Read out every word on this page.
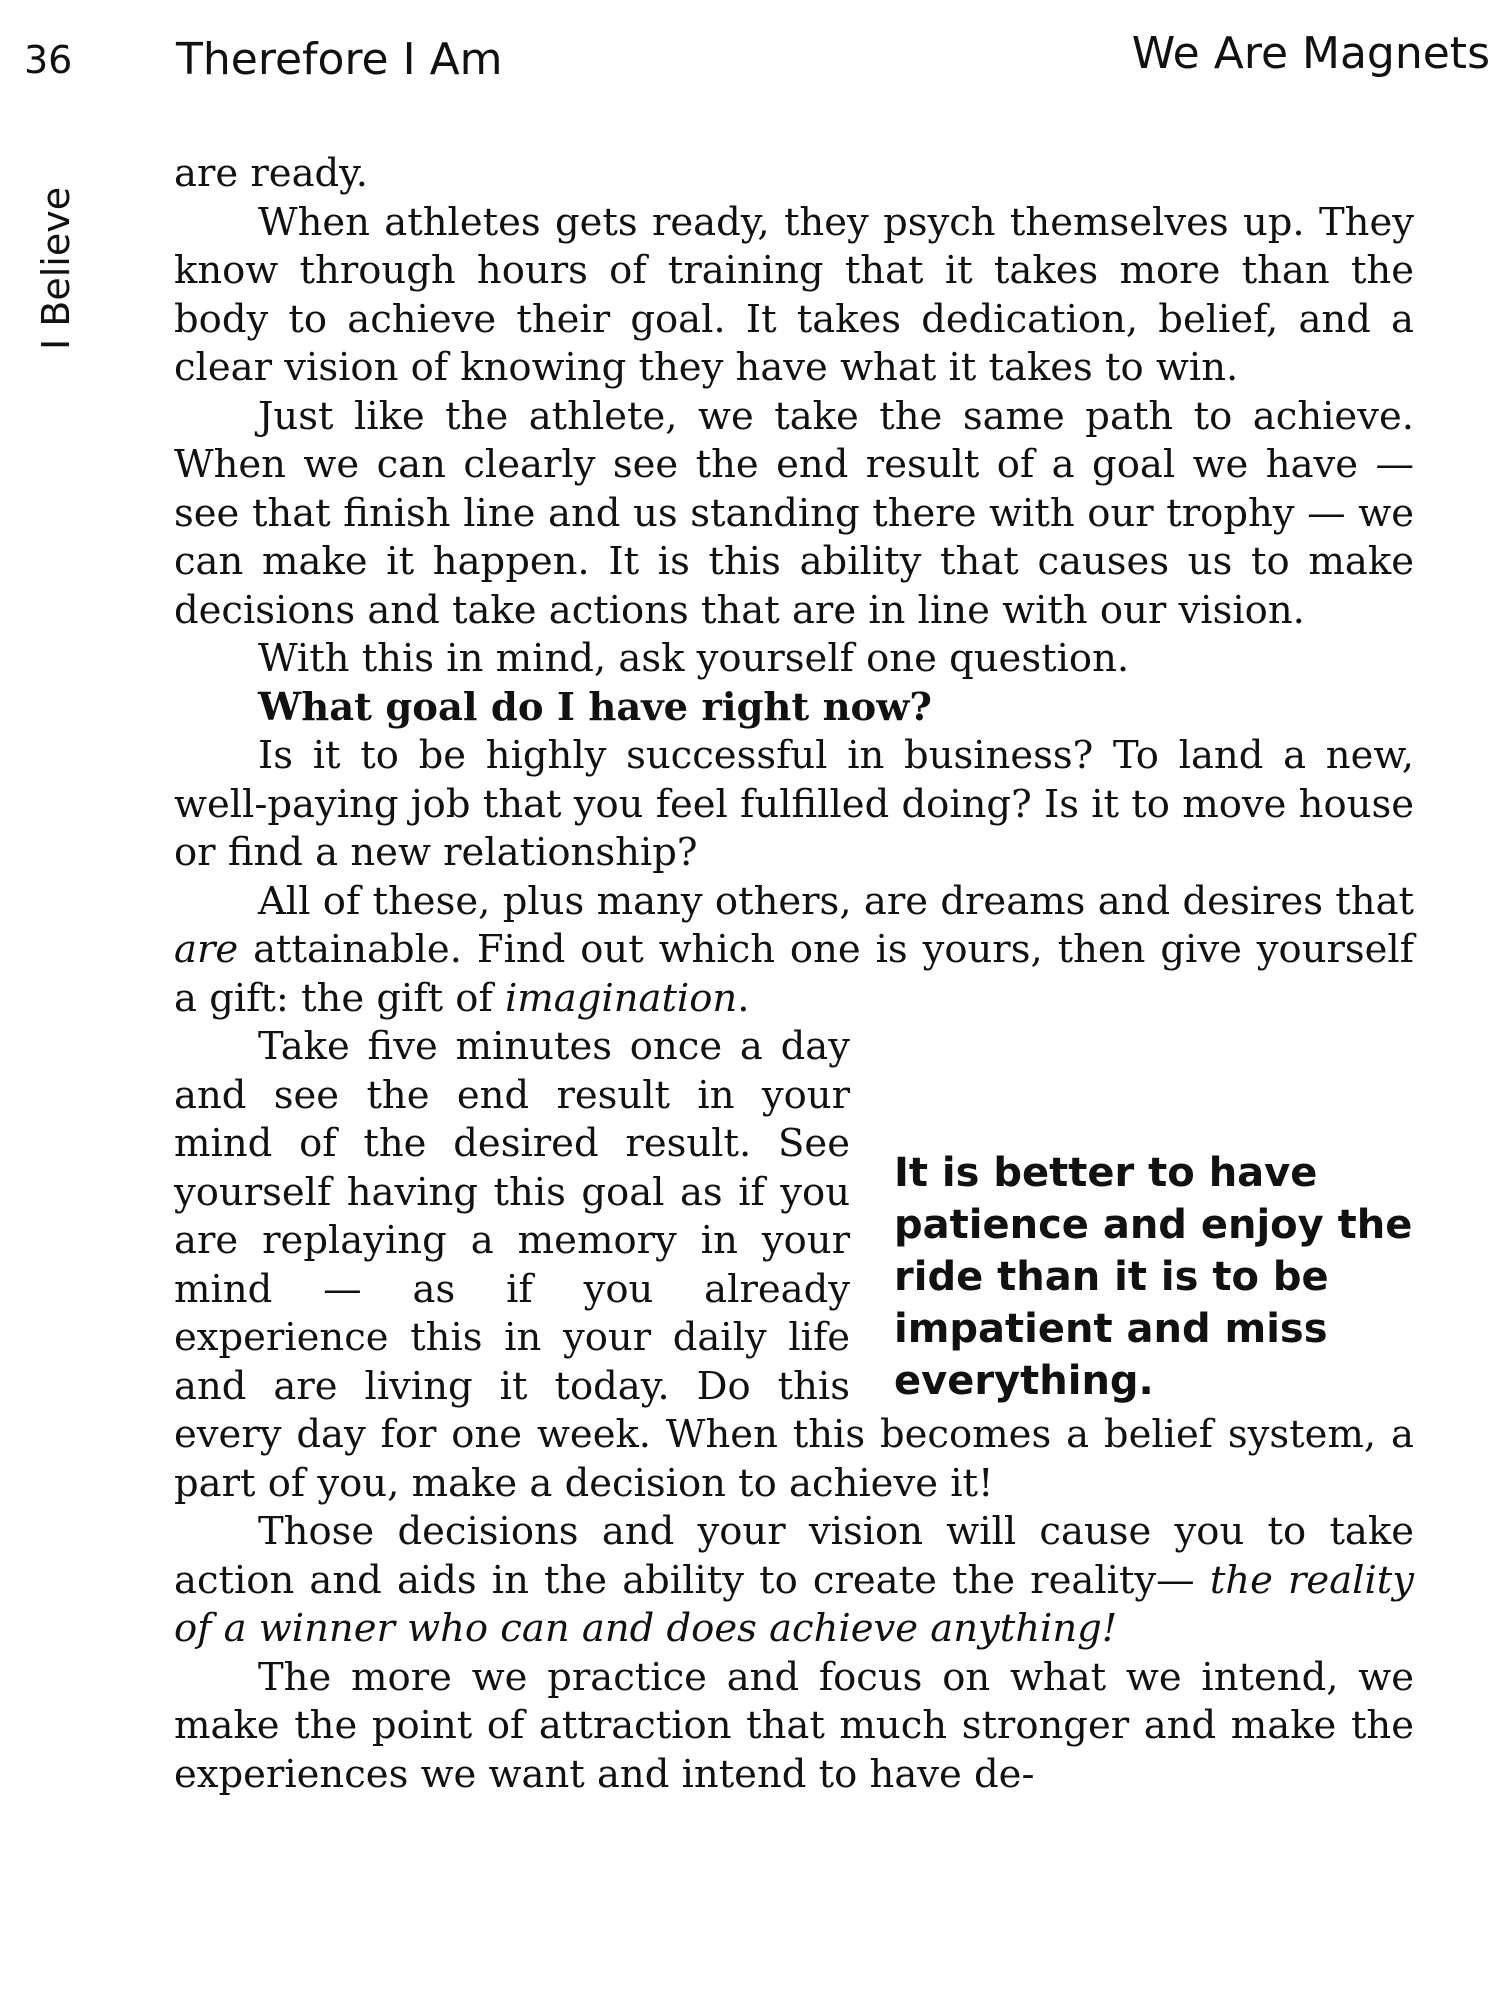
36 Therefore I Am	We Are Magnets
I Believe

are ready.

When athletes gets ready, they psych themselves up. They know through hours of training that it takes more than the body to achieve their goal. It takes dedication, belief, and a clear vision of knowing they have what it takes to win.

Just like the athlete, we take the same path to achieve. When we can clearly see the end result of a goal we have — see that finish line and us standing there with our trophy — we can make it happen. It is this ability that causes us to make decisions and take actions that are in line with our vision.

With this in mind, ask yourself one question.

What goal do I have right now?

Is it to be highly successful in business? To land a new, well-paying job that you feel fulfilled doing? Is it to move house or find a new relationship?

All of these, plus many others, are dreams and desires that are attainable. Find out which one is yours, then give yourself a gift: the gift of imagination.

It is better to have patience and enjoy the ride than it is to be impatient and miss everything.
Take five minutes once a day and see the end result in your mind of the desired result. See yourself having this goal as if you are replaying a memory in your mind — as if you already experience this in your daily life and are living it today. Do this every day for one week. When this becomes a belief system, a part of you, make a decision to achieve it!

Those decisions and your vision will cause you to take action and aids in the ability to create the reality— the reality of a winner who can and does achieve anything!

The more we practice and focus on what we intend, we make the point of attraction that much stronger and make the experiences we want and intend to have de-
